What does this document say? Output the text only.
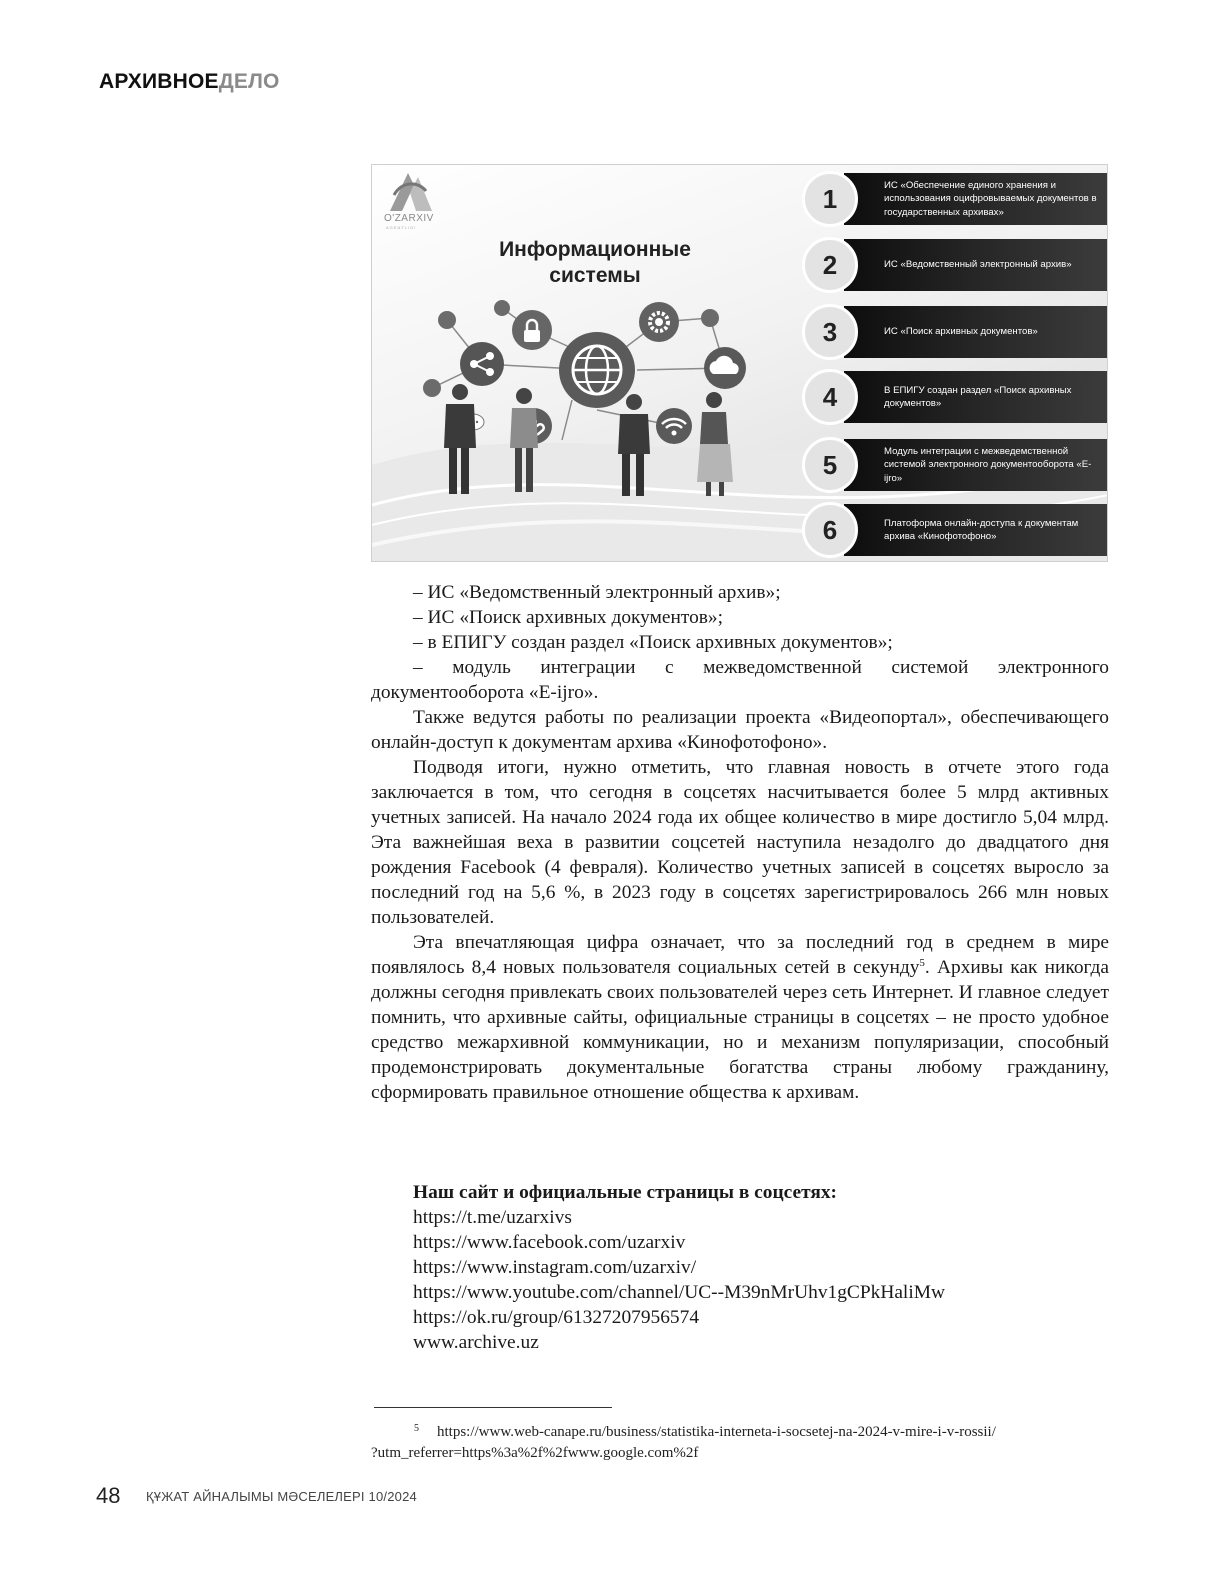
АРХИВНОЕДЕЛО
O'ZARXIV
AGENTLIGI
Информационные
системы
1	ИС «Обеспечение единого хранения и использования оцифровываемых документов в государственных архивах»
2	ИС «Ведомственный электронный архив»
3	ИС «Поиск архивных документов»
4	В ЕПИГУ создан раздел «Поиск архивных документов»
5	Модуль интеграции с межведемственной системой электронного документооборота «E-ijro»
6	Платоформа онлайн-доступа к документам архива «Кинофотофоно»

– ИС «Ведомственный электронный архив»;

– ИС «Поиск архивных документов»;

– в ЕПИГУ создан раздел «Поиск архивных документов»;

– модуль интеграции с межведомственной системой электронного документооборота «E-ijro».

Также ведутся работы по реализации проекта «Видеопортал», обеспечивающего онлайн-доступ к документам архива «Кинофотофоно».

Подводя итоги, нужно отметить, что главная новость в отчете этого года заключается в том, что сегодня в соцсетях насчитывается более 5 млрд активных учетных записей. На начало 2024 года их общее количество в мире достигло 5,04 млрд. Эта важнейшая веха в развитии соцсетей наступила незадолго до двадцатого дня рождения Facebook (4 февраля). Количество учетных записей в соцсетях выросло за последний год на 5,6 %, в 2023 году в соцсетях зарегистрировалось 266 млн новых пользователей.

Эта впечатляющая цифра означает, что за последний год в среднем в мире появлялось 8,4 новых пользователя социальных сетей в секунду$^5$. Архивы как никогда должны сегодня привлекать своих пользователей через сеть Интернет. И главное следует помнить, что архивные сайты, официальные страницы в соцсетях – не просто удобное средство межархивной коммуникации, но и механизм популяризации, способный продемонстрировать документальные богатства страны любому гражданину, сформировать правильное отношение общества к архивам.

Наш сайт и официальные страницы в соцсетях:
https://t.me/uzarxivs
https://www.facebook.com/uzarxiv
https://www.instagram.com/uzarxiv/
https://www.youtube.com/channel/UC--M39nMrUhv1gCPkHaliMw
https://ok.ru/group/61327207956574
www.archive.uz
$^5$ https://www.web-canape.ru/business/statistika-interneta-i-socsetej-na-2024-v-mire-i-v-rossii/
?utm_referrer=https%3a%2f%2fwww.google.com%2f
48 ҚҰЖАТ АЙНАЛЫМЫ МӘСЕЛЕЛЕРІ 10/2024
